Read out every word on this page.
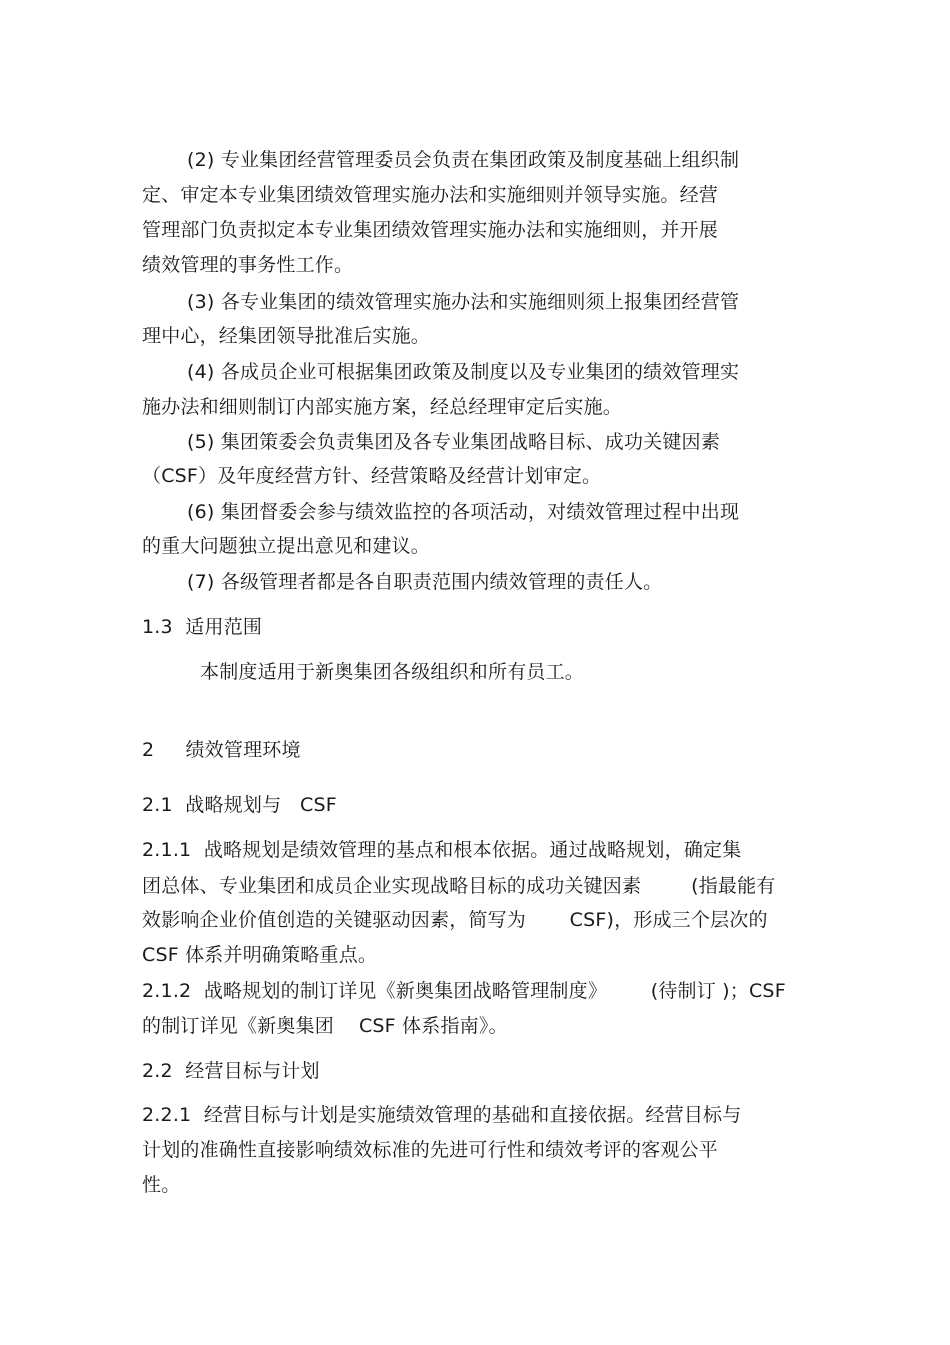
(2) 专业集团经营管理委员会负责在集团政策及制度基础上组织制
定、审定本专业集团绩效管理实施办法和实施细则并领导实施。经营
管理部门负责拟定本专业集团绩效管理实施办法和实施细则，并开展
绩效管理的事务性工作。
(3) 各专业集团的绩效管理实施办法和实施细则须上报集团经营管
理中心，经集团领导批准后实施。
(4) 各成员企业可根据集团政策及制度以及专业集团的绩效管理实
施办法和细则制订内部实施方案，经总经理审定后实施。
(5) 集团策委会负责集团及各专业集团战略目标、成功关键因素
（CSF）及年度经营方针、经营策略及经营计划审定。
(6) 集团督委会参与绩效监控的各项活动，对绩效管理过程中出现
的重大问题独立提出意见和建议。
(7) 各级管理者都是各自职责范围内绩效管理的责任人。
1.3  适用范围
本制度适用于新奥集团各级组织和所有员工。
2     绩效管理环境
2.1  战略规划与   CSF
2.1.1  战略规划是绩效管理的基点和根本依据。通过战略规划，确定集
团总体、专业集团和成员企业实现战略目标的成功关键因素        (指最能有
效影响企业价值创造的关键驱动因素，简写为       CSF)，形成三个层次的
CSF 体系并明确策略重点。
2.1.2  战略规划的制订详见《新奥集团战略管理制度》       (待制订 )；CSF
的制订详见《新奥集团    CSF 体系指南》。
2.2  经营目标与计划
2.2.1  经营目标与计划是实施绩效管理的基础和直接依据。经营目标与
计划的准确性直接影响绩效标准的先进可行性和绩效考评的客观公平
性。
